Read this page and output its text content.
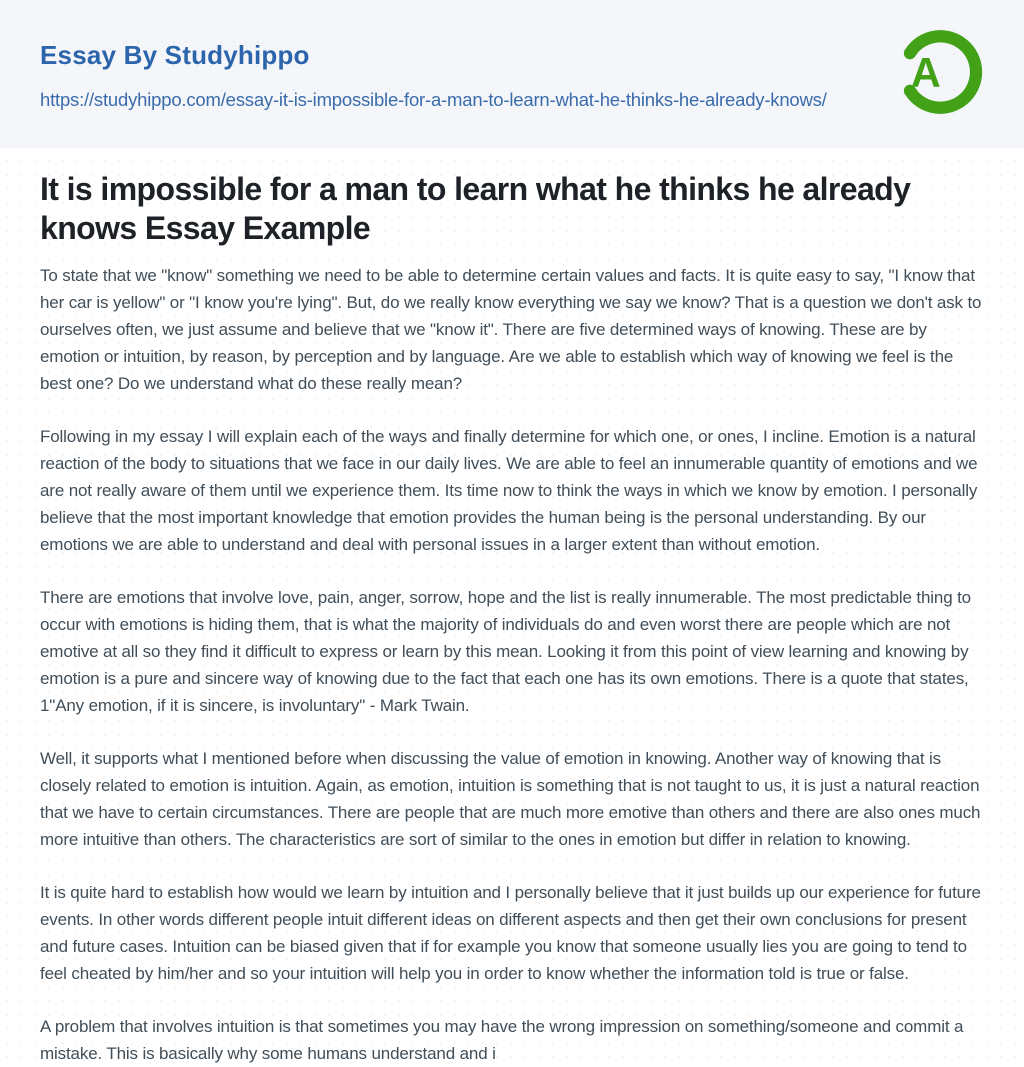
Essay By Studyhippo
https://studyhippo.com/essay-it-is-impossible-for-a-man-to-learn-what-he-thinks-he-already-knows/
A
It is impossible for a man to learn what he thinks he already knows Essay Example

To state that we "know" something we need to be able to determine certain values and facts. It is quite easy to say, "I know that her car is yellow" or "I know you're lying". But, do we really know everything we say we know? That is a question we don't ask to ourselves often, we just assume and believe that we "know it". There are five determined ways of knowing. These are by emotion or intuition, by reason, by perception and by language. Are we able to establish which way of knowing we feel is the best one? Do we understand what do these really mean?

Following in my essay I will explain each of the ways and finally determine for which one, or ones, I incline. Emotion is a natural reaction of the body to situations that we face in our daily lives. We are able to feel an innumerable quantity of emotions and we are not really aware of them until we experience them. Its time now to think the ways in which we know by emotion. I personally believe that the most important knowledge that emotion provides the human being is the personal understanding. By our emotions we are able to understand and deal with personal issues in a larger extent than without emotion.

There are emotions that involve love, pain, anger, sorrow, hope and the list is really innumerable. The most predictable thing to occur with emotions is hiding them, that is what the majority of individuals do and even worst there are people which are not emotive at all so they find it difficult to express or learn by this mean. Looking it from this point of view learning and knowing by emotion is a pure and sincere way of knowing due to the fact that each one has its own emotions. There is a quote that states, 1"Any emotion, if it is sincere, is involuntary" - Mark Twain.

Well, it supports what I mentioned before when discussing the value of emotion in knowing. Another way of knowing that is closely related to emotion is intuition. Again, as emotion, intuition is something that is not taught to us, it is just a natural reaction that we have to certain circumstances. There are people that are much more emotive than others and there are also ones much more intuitive than others. The characteristics are sort of similar to the ones in emotion but differ in relation to knowing.

It is quite hard to establish how would we learn by intuition and I personally believe that it just builds up our experience for future events. In other words different people intuit different ideas on different aspects and then get their own conclusions for present and future cases. Intuition can be biased given that if for example you know that someone usually lies you are going to tend to feel cheated by him/her and so your intuition will help you in order to know whether the information told is true or false.

A problem that involves intuition is that sometimes you may have the wrong impression on something/someone and commit a mistake. This is basically why some humans understand and i
